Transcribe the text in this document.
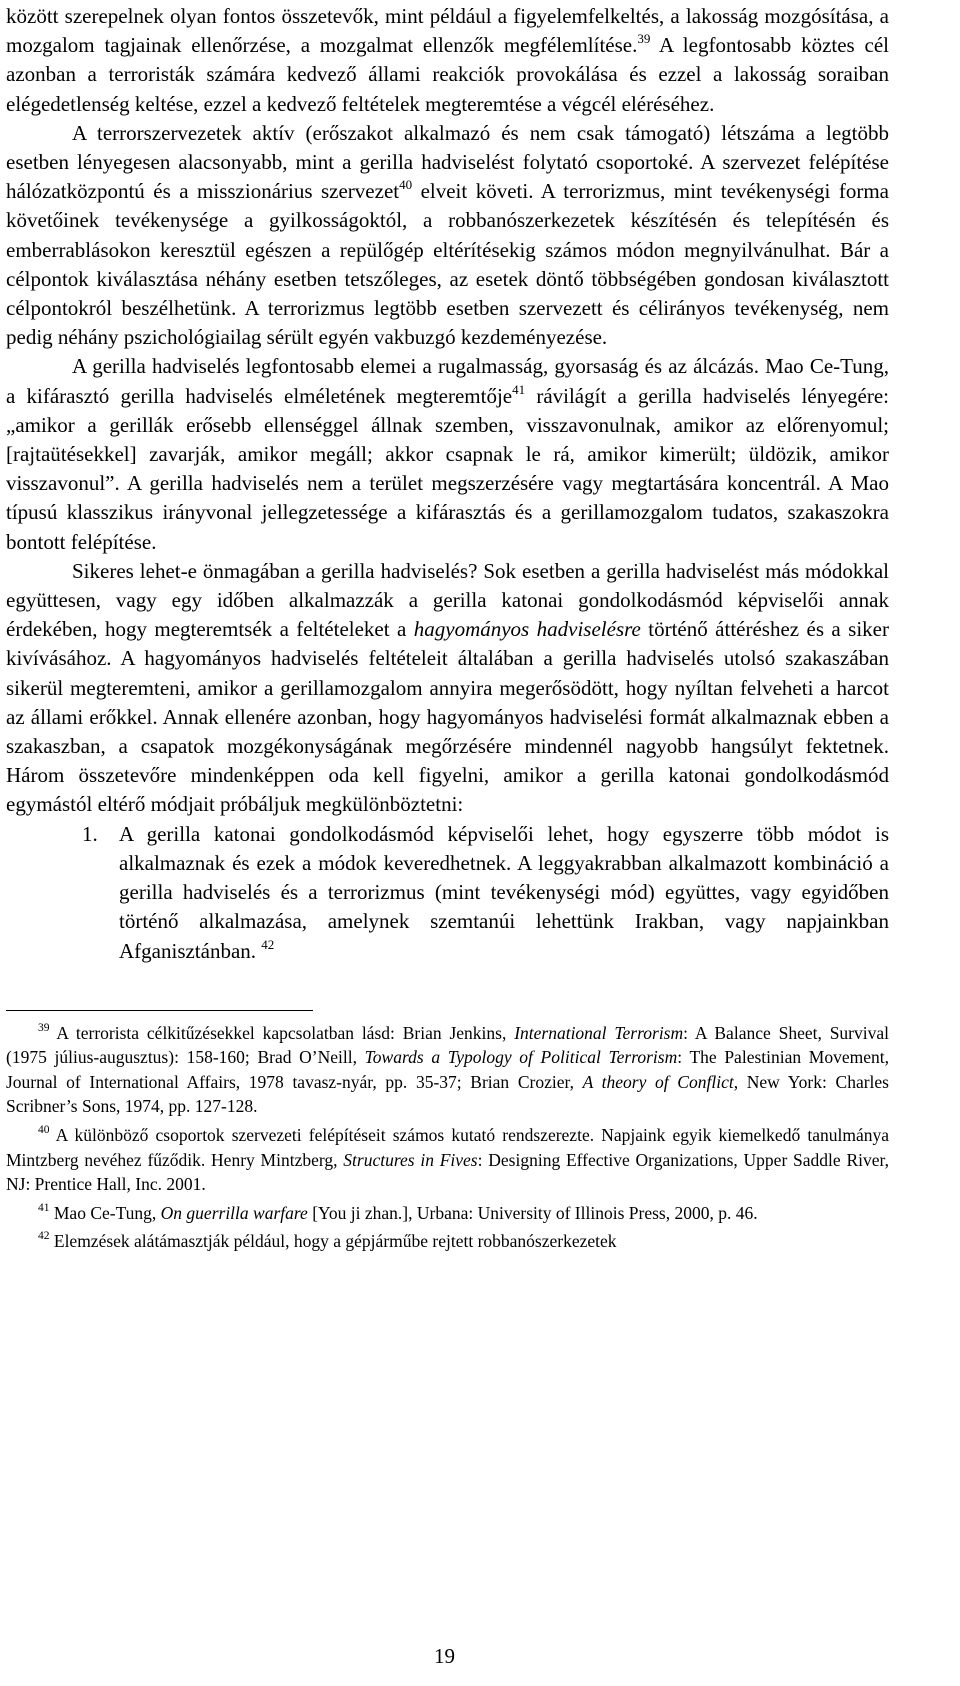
között szerepelnek olyan fontos összetevők, mint például a figyelemfelkeltés, a lakosság mozgósítása, a mozgalom tagjainak ellenőrzése, a mozgalmat ellenzők megfélemlítése.$^{39}$ A legfontosabb köztes cél azonban a terroristák számára kedvező állami reakciók provokálása és ezzel a lakosság soraiban elégedetlenség keltése, ezzel a kedvező feltételek megteremtése a végcél eléréséhez.

A terrorszervezetek aktív (erőszakot alkalmazó és nem csak támogató) létszáma a legtöbb esetben lényegesen alacsonyabb, mint a gerilla hadviselést folytató csoportoké. A szervezet felépítése hálózatközpontú és a misszionárius szervezet$^{40}$ elveit követi. A terrorizmus, mint tevékenységi forma követőinek tevékenysége a gyilkosságoktól, a robbanószerkezetek készítésén és telepítésén és emberrablásokon keresztül egészen a repülőgép eltérítésekig számos módon megnyilvánulhat. Bár a célpontok kiválasztása néhány esetben tetszőleges, az esetek döntő többségében gondosan kiválasztott célpontokról beszélhetünk. A terrorizmus legtöbb esetben szervezett és célirányos tevékenység, nem pedig néhány pszichológiailag sérült egyén vakbuzgó kezdeményezése.

A gerilla hadviselés legfontosabb elemei a rugalmasság, gyorsaság és az álcázás. Mao Ce-Tung, a kifárasztó gerilla hadviselés elméletének megteremtője$^{41}$ rávilágít a gerilla hadviselés lényegére: „amikor a gerillák erősebb ellenséggel állnak szemben, visszavonulnak, amikor az előrenyomul; [rajtaütésekkel] zavarják, amikor megáll; akkor csapnak le rá, amikor kimerült; üldözik, amikor visszavonul”. A gerilla hadviselés nem a terület megszerzésére vagy megtartására koncentrál. A Mao típusú klasszikus irányvonal jellegzetessége a kifárasztás és a gerillamozgalom tudatos, szakaszokra bontott felépítése.

Sikeres lehet-e önmagában a gerilla hadviselés? Sok esetben a gerilla hadviselést más módokkal együttesen, vagy egy időben alkalmazzák a gerilla katonai gondolkodásmód képviselői annak érdekében, hogy megteremtsék a feltételeket a hagyományos hadviselésre történő áttéréshez és a siker kivívásához. A hagyományos hadviselés feltételeit általában a gerilla hadviselés utolsó szakaszában sikerül megteremteni, amikor a gerillamozgalom annyira megerősödött, hogy nyíltan felveheti a harcot az állami erőkkel. Annak ellenére azonban, hogy hagyományos hadviselési formát alkalmaznak ebben a szakaszban, a csapatok mozgékonyságának megőrzésére mindennél nagyobb hangsúlyt fektetnek. Három összetevőre mindenképpen oda kell figyelni, amikor a gerilla katonai gondolkodásmód egymástól eltérő módjait próbáljuk megkülönböztetni:

1. A gerilla katonai gondolkodásmód képviselői lehet, hogy egyszerre több módot is alkalmaznak és ezek a módok keveredhetnek. A leggyakrabban alkalmazott kombináció a gerilla hadviselés és a terrorizmus (mint tevékenységi mód) együttes, vagy egyidőben történő alkalmazása, amelynek szemtanúi lehettünk Irakban, vagy napjainkban Afganisztánban. $^{42}$

$^{39}$ A terrorista célkitűzésekkel kapcsolatban lásd: Brian Jenkins, International Terrorism: A Balance Sheet, Survival (1975 július-augusztus): 158-160; Brad O’Neill, Towards a Typology of Political Terrorism: The Palestinian Movement, Journal of International Affairs, 1978 tavasz-nyár, pp. 35-37; Brian Crozier, A theory of Conflict, New York: Charles Scribner’s Sons, 1974, pp. 127-128.

$^{40}$ A különböző csoportok szervezeti felépítéseit számos kutató rendszerezte. Napjaink egyik kiemelkedő tanulmánya Mintzberg nevéhez fűződik. Henry Mintzberg, Structures in Fives: Designing Effective Organizations, Upper Saddle River, NJ: Prentice Hall, Inc. 2001.

$^{41}$ Mao Ce-Tung, On guerrilla warfare [You ji zhan.], Urbana: University of Illinois Press, 2000, p. 46.

$^{42}$ Elemzések alátámasztják például, hogy a gépjárműbe rejtett robbanószerkezetek

19
